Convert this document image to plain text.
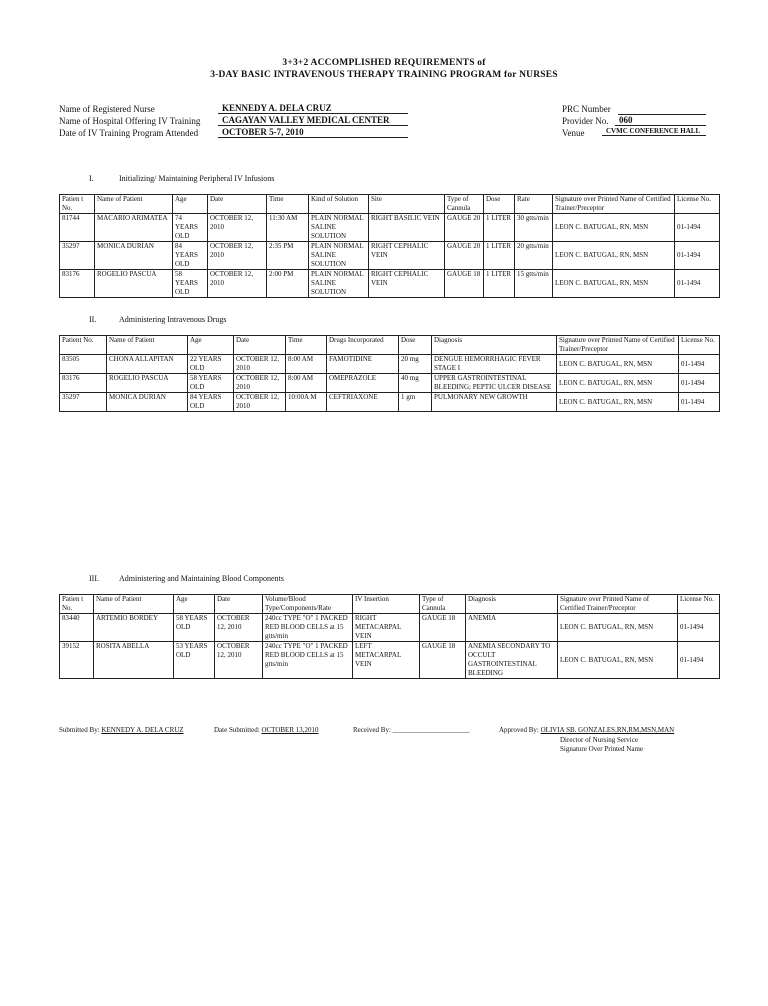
3+3+2 ACCOMPLISHED REQUIREMENTS of
3-DAY BASIC INTRAVENOUS THERAPY TRAINING PROGRAM for NURSES
Name of Registered Nurse	KENNEDY A. DELA CRUZ
Name of Hospital Offering IV Training	CAGAYAN VALLEY MEDICAL CENTER
Date of IV Training Program Attended	OCTOBER 5-7, 2010
PRC Number
Provider No.	060
Venue	CVMC CONFERENCE HALL
I.	Initializing/ Maintaining Peripheral IV Infusions
Patien t No.	Name of Patient	Age	Date	Time	Kind of Solution	Site	Type of Cannula	Dose	Rate	Signature over Printed Name of Certified Trainer/Preceptor	License No.
81744	MACARIO ARIMATEA	74 YEARS OLD	OCTOBER 12, 2010	11:30 AM	PLAIN NORMAL SALINE SOLUTION	RIGHT BASILIC VEIN	GAUGE 20	1 LITER	30 gtts/min	LEON C. BATUGAL, RN, MSN	01-1494
35297	MONICA DURIAN	84 YEARS OLD	OCTOBER 12, 2010	2:35 PM	PLAIN NORMAL SALINE SOLUTION	RIGHT CEPHALIC VEIN	GAUGE 20	1 LITER	20 gtts/min	LEON C. BATUGAL, RN, MSN	01-1494
83176	ROGELIO PASCUA	58 YEARS OLD	OCTOBER 12, 2010	2:00 PM	PLAIN NORMAL SALINE SOLUTION	RIGHT CEPHALIC VEIN	GAUGE 18	1 LITER	15 gtts/min	LEON C. BATUGAL, RN, MSN	01-1494
II.	Administering Intravenous Drugs
Patient No.	Name of Patient	Age	Date	Time	Drugs Incorporated	Dose	Diagnosis	Signature over Printed Name of Certified Trainer/Preceptor	License No.
83505	CHONA ALLAPITAN	22 YEARS OLD	OCTOBER 12, 2010	8:00 AM	FAMOTIDINE	20 mg	DENGUE HEMORRHAGIC FEVER STAGE I	LEON C. BATUGAL, RN, MSN	01-1494
83176	ROGELIO PASCUA	58 YEARS OLD	OCTOBER 12, 2010	8:00 AM	OMEPRAZOLE	40 mg	UPPER GASTROINTESTINAL BLEEDING; PEPTIC ULCER DISEASE	LEON C. BATUGAL, RN, MSN	01-1494
35297	MONICA DURIAN	84 YEARS OLD	OCTOBER 12, 2010	10:00A M	CEFTRIAXONE	1 gm	PULMONARY NEW GROWTH	LEON C. BATUGAL, RN, MSN	01-1494
III.	Administering and Maintaining Blood Components
Patien t No.	Name of Patient	Age	Date	Volume/Blood Type/Components/Rate	IV Insertion	Type of Cannula	Diagnosis	Signature over Printed Name of Certified Trainer/Preceptor	License No.
83440	ARTEMIO BORDEY	58 YEARS OLD	OCTOBER 12, 2010	240cc TYPE "O" 1 PACKED RED BLOOD CELLS at 15 gtts/min	RIGHT METACARPAL VEIN	GAUGE 18	ANEMIA	LEON C. BATUGAL, RN, MSN	01-1494
39152	ROSITA ABELLA	53 YEARS OLD	OCTOBER 12, 2010	240cc TYPE "O" 1 PACKED RED BLOOD CELLS at 15 gtts/min	LEFT METACARPAL VEIN	GAUGE 18	ANEMIA SECONDARY TO OCCULT GASTROINTESTINAL BLEEDING	LEON C. BATUGAL, RN, MSN	01-1494
Submitted By: KENNEDY A. DELA CRUZ	Date Submitted: OCTOBER 13,2010	Received By: ______________________	Approved By: OLIVIA SB. GONZALES,RN,RM,MSN,MAN
Director of Nursing Service
Signature Over Printed Name
